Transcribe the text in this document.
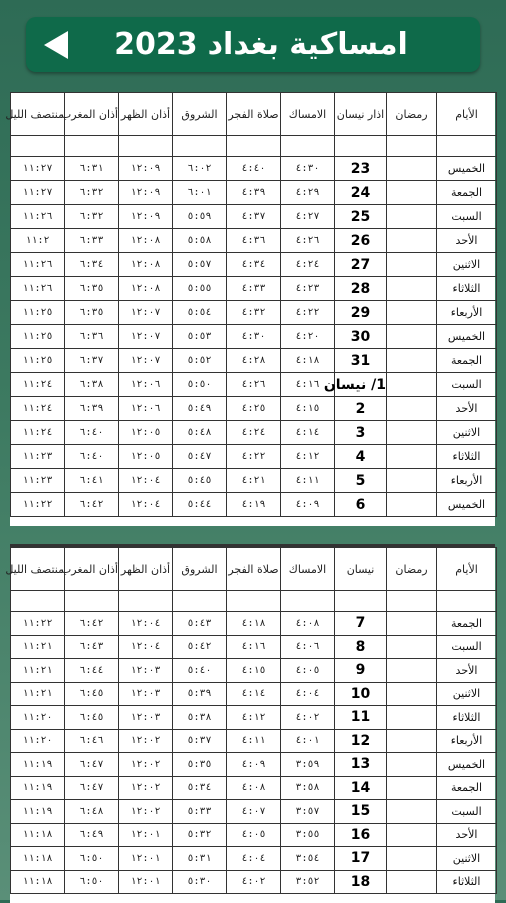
امساكية بغداد
2023
الأيام	رمضان	اذار نيسان	الامساك	صلاة الفجر	الشروق	أذان الظهر	أذان المغرب	منتصف الليل

الخميس		23	٤:٣٠	٤:٤٠	٦:٠٢	١٢:٠٩	٦:٣١	١١:٢٧
الجمعة		24	٤:٢٩	٤:٣٩	٦:٠١	١٢:٠٩	٦:٣٢	١١:٢٧
السبت		25	٤:٢٧	٤:٣٧	٥:٥٩	١٢:٠٩	٦:٣٢	١١:٢٦
الأحد		26	٤:٢٦	٤:٣٦	٥:٥٨	١٢:٠٨	٦:٣٣	١١:٢
الاثنين		27	٤:٢٤	٤:٣٤	٥:٥٧	١٢:٠٨	٦:٣٤	١١:٢٦
الثلاثاء		28	٤:٢٣	٤:٣٣	٥:٥٥	١٢:٠٨	٦:٣٥	١١:٢٦
الأربعاء		29	٤:٢٢	٤:٣٢	٥:٥٤	١٢:٠٧	٦:٣٥	١١:٢٥
الخميس		30	٤:٢٠	٤:٣٠	٥:٥٣	١٢:٠٧	٦:٣٦	١١:٢٥
الجمعة		31	٤:١٨	٤:٢٨	٥:٥٢	١٢:٠٧	٦:٣٧	١١:٢٥
السبت		1/ نيسان	٤:١٦	٤:٢٦	٥:٥٠	١٢:٠٦	٦:٣٨	١١:٢٤
الأحد		2	٤:١٥	٤:٢٥	٥:٤٩	١٢:٠٦	٦:٣٩	١١:٢٤
الاثنين		3	٤:١٤	٤:٢٤	٥:٤٨	١٢:٠٥	٦:٤٠	١١:٢٤
الثلاثاء		4	٤:١٢	٤:٢٢	٥:٤٧	١٢:٠٥	٦:٤٠	١١:٢٣
الأربعاء		5	٤:١١	٤:٢١	٥:٤٥	١٢:٠٤	٦:٤١	١١:٢٣
الخميس		6	٤:٠٩	٤:١٩	٥:٤٤	١٢:٠٤	٦:٤٢	١١:٢٢
الأيام	رمضان	نيسان	الامساك	صلاة الفجر	الشروق	أذان الظهر	أذان المغرب	منتصف الليل

الجمعة		7	٤:٠٨	٤:١٨	٥:٤٣	١٢:٠٤	٦:٤٢	١١:٢٢
السبت		8	٤:٠٦	٤:١٦	٥:٤٢	١٢:٠٤	٦:٤٣	١١:٢١
الأحد		9	٤:٠٥	٤:١٥	٥:٤٠	١٢:٠٣	٦:٤٤	١١:٢١
الاثنين		10	٤:٠٤	٤:١٤	٥:٣٩	١٢:٠٣	٦:٤٥	١١:٢١
الثلاثاء		11	٤:٠٢	٤:١٢	٥:٣٨	١٢:٠٣	٦:٤٥	١١:٢٠
الأربعاء		12	٤:٠١	٤:١١	٥:٣٧	١٢:٠٢	٦:٤٦	١١:٢٠
الخميس		13	٣:٥٩	٤:٠٩	٥:٣٥	١٢:٠٢	٦:٤٧	١١:١٩
الجمعة		14	٣:٥٨	٤:٠٨	٥:٣٤	١٢:٠٢	٦:٤٧	١١:١٩
السبت		15	٣:٥٧	٤:٠٧	٥:٣٣	١٢:٠٢	٦:٤٨	١١:١٩
الأحد		16	٣:٥٥	٤:٠٥	٥:٣٢	١٢:٠١	٦:٤٩	١١:١٨
الاثنين		17	٣:٥٤	٤:٠٤	٥:٣١	١٢:٠١	٦:٥٠	١١:١٨
الثلاثاء		18	٣:٥٢	٤:٠٢	٥:٣٠	١٢:٠١	٦:٥٠	١١:١٨
